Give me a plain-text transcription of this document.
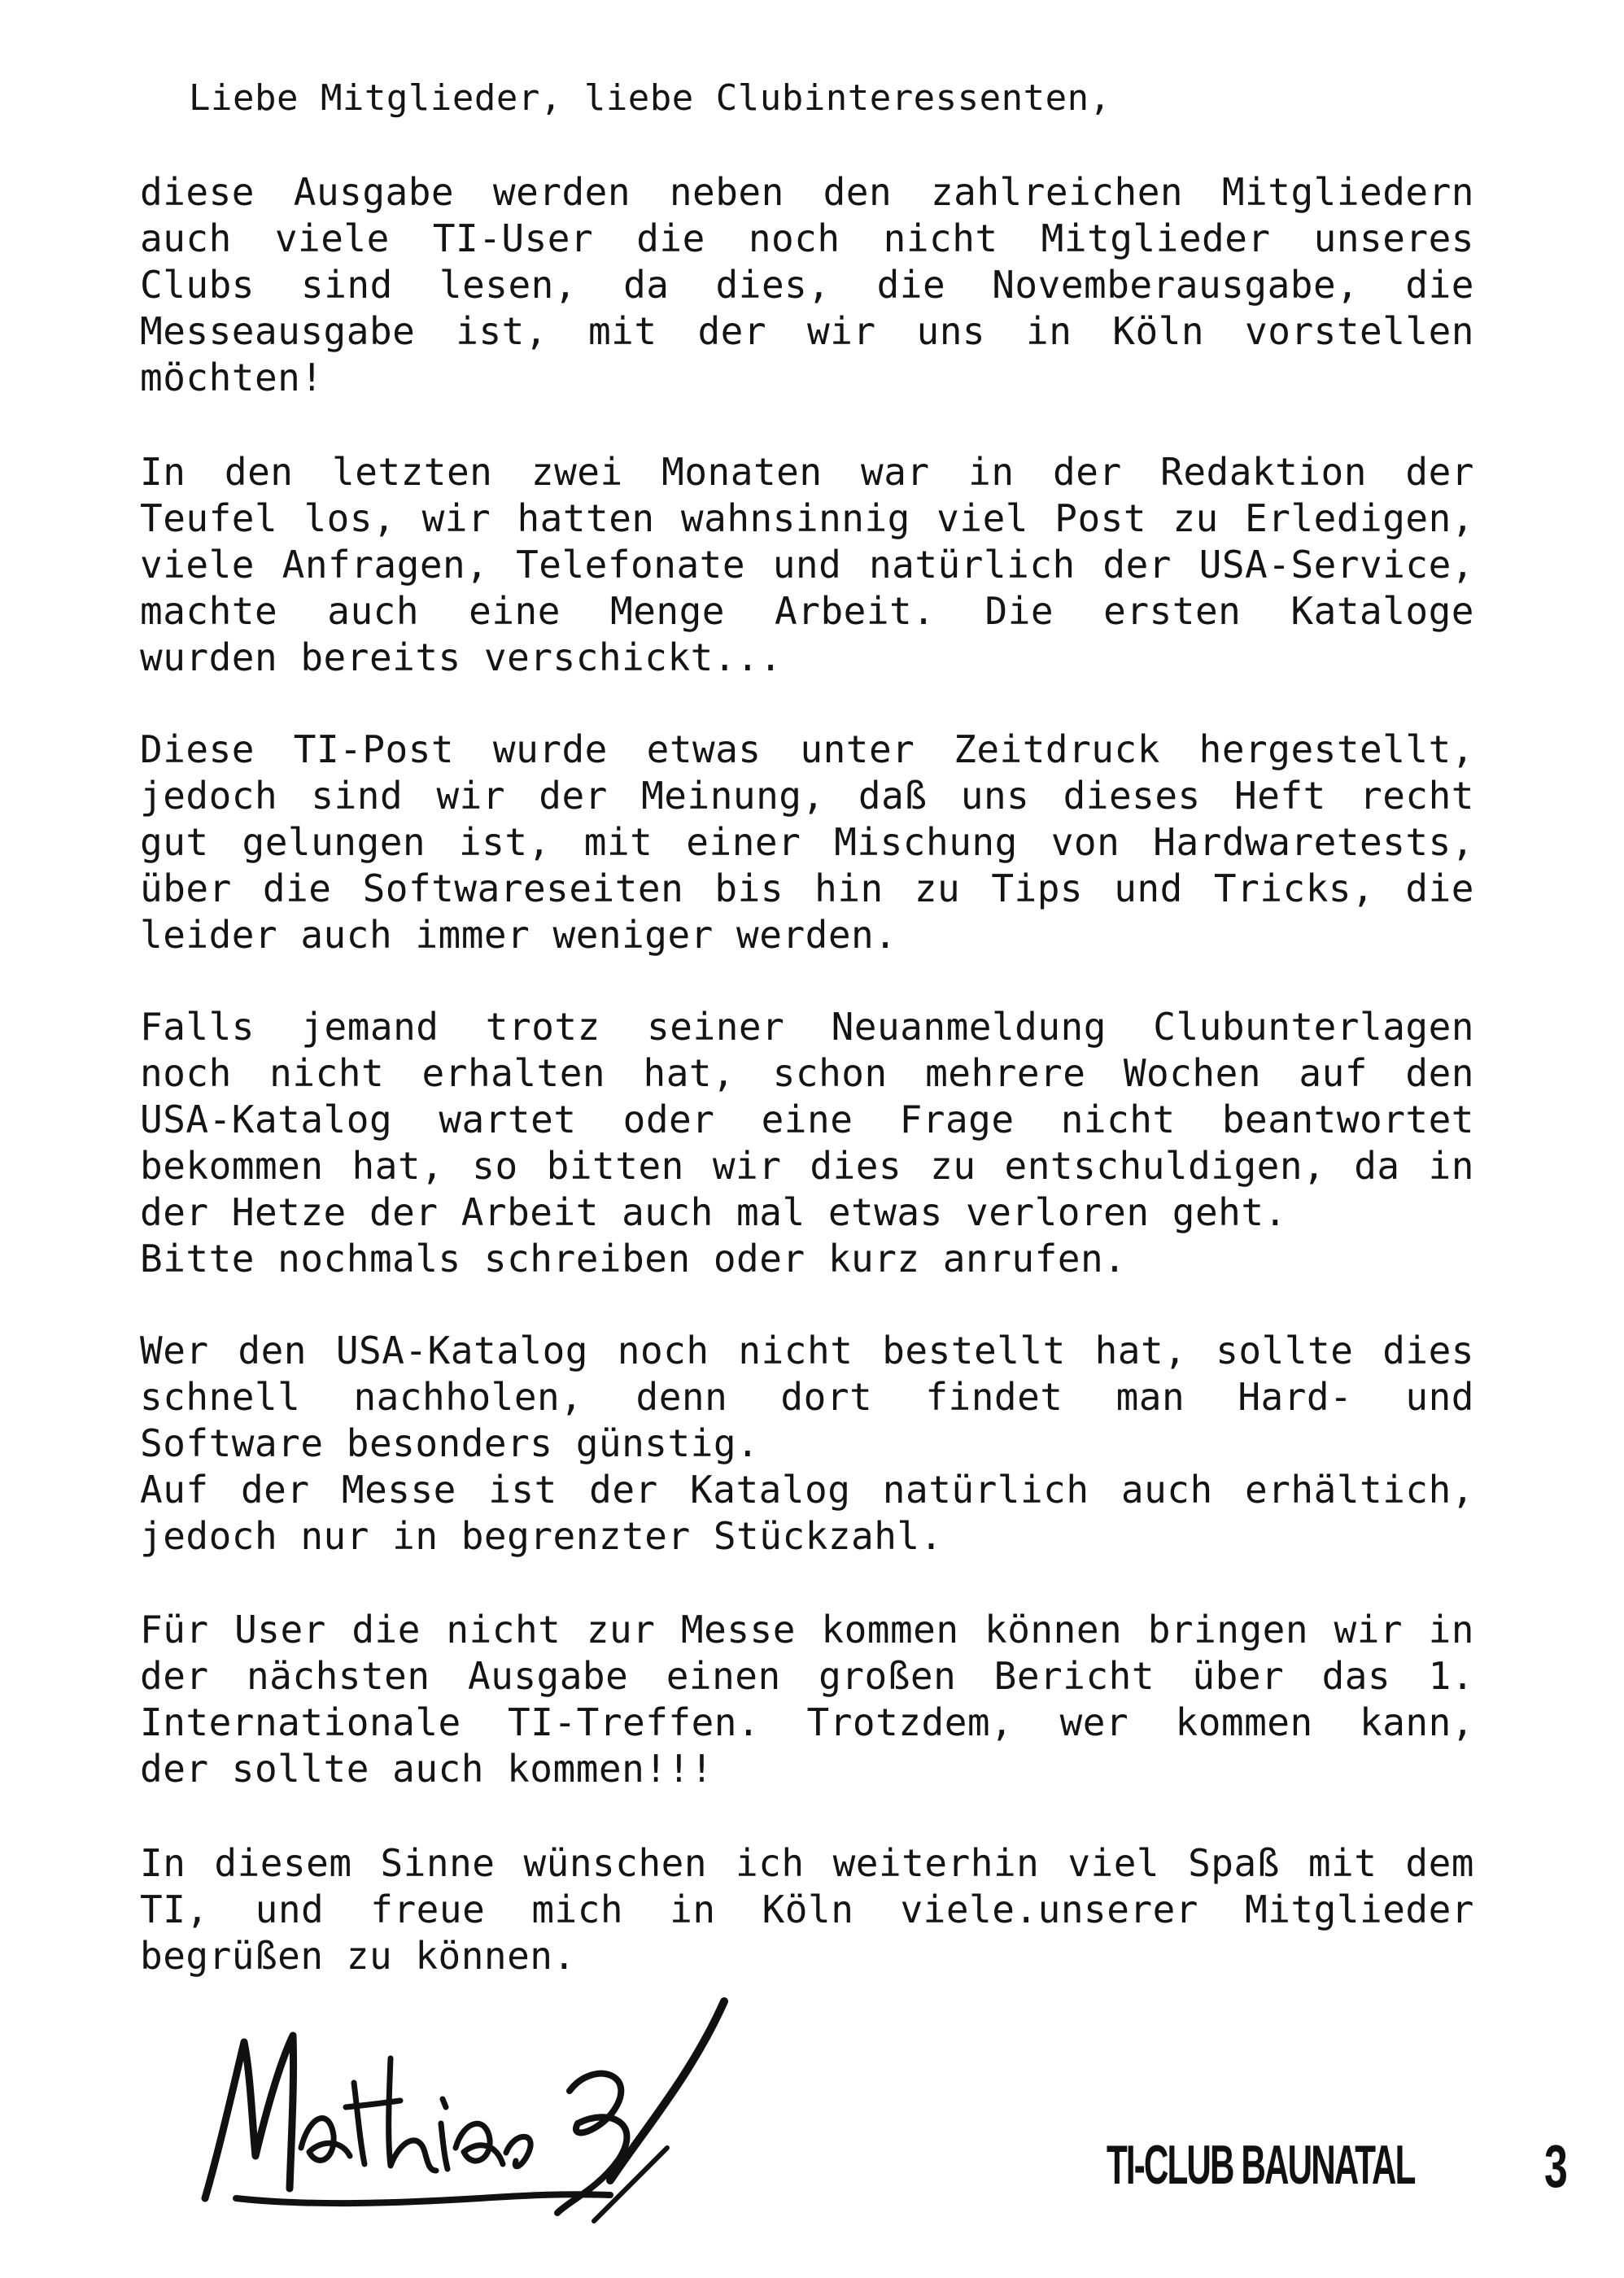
Liebe Mitglieder, liebe Clubinteressenten,
diese Ausgabe werden neben den zahlreichen Mitgliedern
auch viele TI-User die noch nicht Mitglieder unseres
Clubs sind lesen, da dies, die Novemberausgabe, die
Messeausgabe ist, mit der wir uns in Köln vorstellen
möchten!
In den letzten zwei Monaten war in der Redaktion der
Teufel los, wir hatten wahnsinnig viel Post zu Erledigen,
viele Anfragen, Telefonate und natürlich der USA-Service,
machte auch eine Menge Arbeit. Die ersten Kataloge
wurden bereits verschickt...
Diese TI-Post wurde etwas unter Zeitdruck hergestellt,
jedoch sind wir der Meinung, daß uns dieses Heft recht
gut gelungen ist, mit einer Mischung von Hardwaretests,
über die Softwareseiten bis hin zu Tips und Tricks, die
leider auch immer weniger werden.
Falls jemand trotz seiner Neuanmeldung Clubunterlagen
noch nicht erhalten hat, schon mehrere Wochen auf den
USA-Katalog wartet oder eine Frage nicht beantwortet
bekommen hat, so bitten wir dies zu entschuldigen, da in
der Hetze der Arbeit auch mal etwas verloren geht.
Bitte nochmals schreiben oder kurz anrufen.
Wer den USA-Katalog noch nicht bestellt hat, sollte dies
schnell nachholen, denn dort findet man Hard- und
Software besonders günstig.
Auf der Messe ist der Katalog natürlich auch erhältich,
jedoch nur in begrenzter Stückzahl.
Für User die nicht zur Messe kommen können bringen wir in
der nächsten Ausgabe einen großen Bericht über das 1.
Internationale TI-Treffen. Trotzdem, wer kommen kann,
der sollte auch kommen!!!
In diesem Sinne wünschen ich weiterhin viel Spaß mit dem
TI, und freue mich in Köln viele.unserer Mitglieder
begrüßen zu können.
TI-CLUB BAUNATAL 3
